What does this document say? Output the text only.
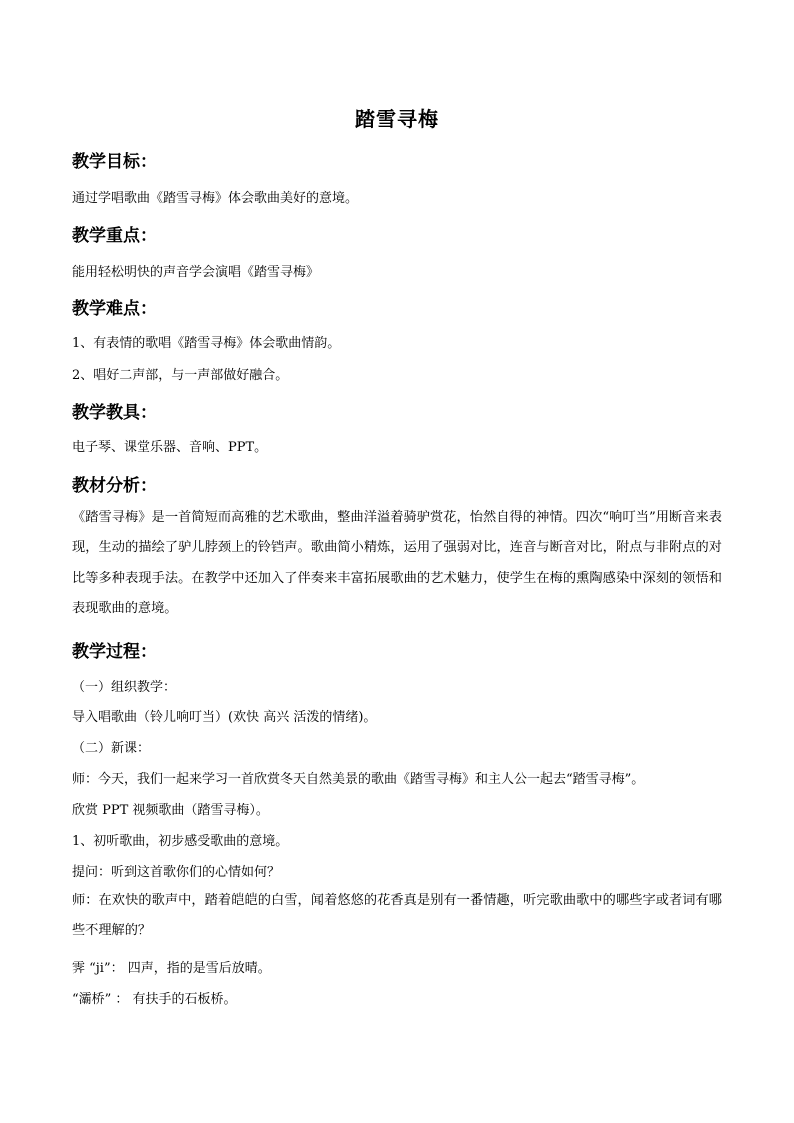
踏雪寻梅
教学目标：
通过学唱歌曲《踏雪寻梅》体会歌曲美好的意境。
教学重点：
能用轻松明快的声音学会演唱《踏雪寻梅》
教学难点：
1、有表情的歌唱《踏雪寻梅》体会歌曲情韵。
2、唱好二声部，与一声部做好融合。
教学教具：
电子琴、课堂乐器、音响、PPT。
教材分析：
《踏雪寻梅》是一首简短而高雅的艺术歌曲，整曲洋溢着骑驴赏花，怡然自得的神情。四次“响叮当”用断音来表现，生动的描绘了驴儿脖颈上的铃铛声。歌曲简小精炼，运用了强弱对比，连音与断音对比，附点与非附点的对比等多种表现手法。在教学中还加入了伴奏来丰富拓展歌曲的艺术魅力，使学生在梅的熏陶感染中深刻的领悟和表现歌曲的意境。
教学过程：
（一）组织教学：
导入唱歌曲（铃儿响叮当）(欢快 高兴 活泼的情绪)。
（二）新课：
师：今天，我们一起来学习一首欣赏冬天自然美景的歌曲《踏雪寻梅》和主人公一起去“踏雪寻梅”。
欣赏 PPT 视频歌曲（踏雪寻梅）。
1、初听歌曲，初步感受歌曲的意境。
提问：听到这首歌你们的心情如何？
师：在欢快的歌声中，踏着皑皑的白雪，闻着悠悠的花香真是别有一番情趣，听完歌曲歌中的哪些字或者词有哪些不理解的？
霁 “ji”： 四声，指的是雪后放晴。
“灞桥” ： 有扶手的石板桥。
